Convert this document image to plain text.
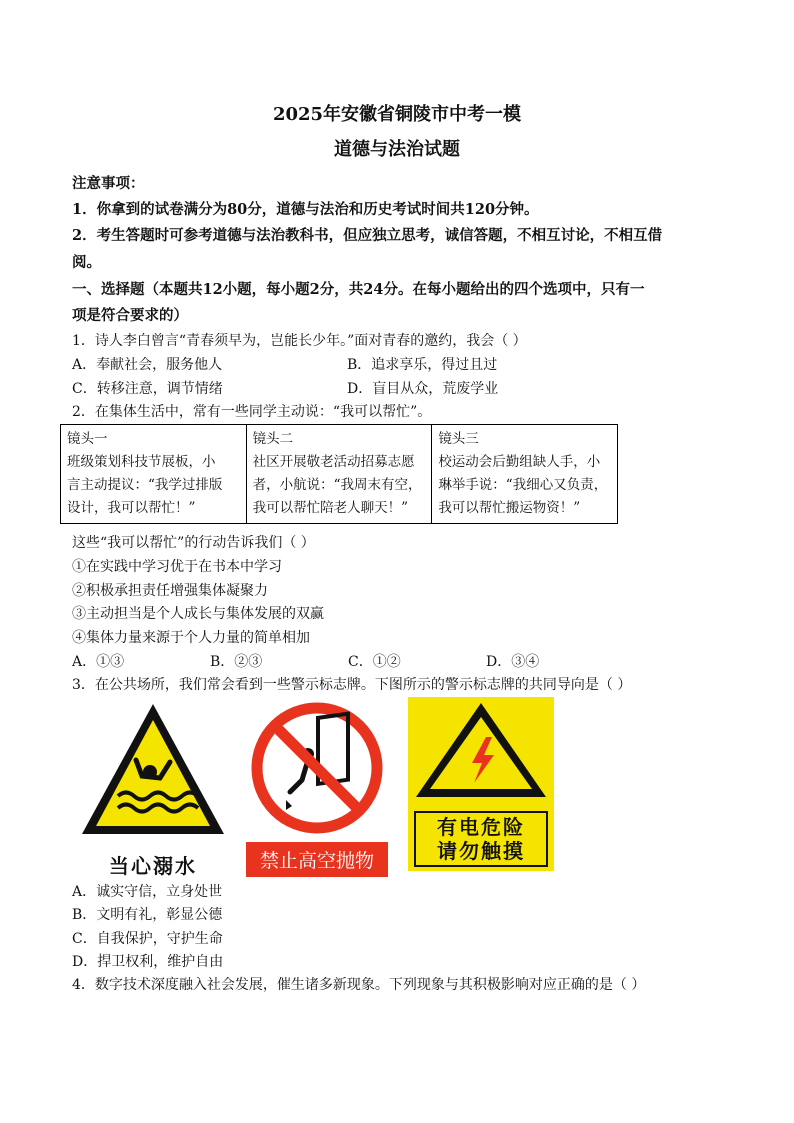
2025年安徽省铜陵市中考一模
道德与法治试题
注意事项：
1．你拿到的试卷满分为80分，道德与法治和历史考试时间共120分钟。
2．考生答题时可参考道德与法治教科书，但应独立思考，诚信答题，不相互讨论，不相互借
阅。
一、选择题（本题共12小题，每小题2分，共24分。在每小题给出的四个选项中，只有一
项是符合要求的）
1．诗人李白曾言“青春须早为，岂能长少年。”面对青春的邀约，我会（ ）
A．奉献社会，服务他人	B．追求享乐，得过且过
C．转移注意，调节情绪	D．盲目从众，荒废学业
2．在集体生活中，常有一些同学主动说：“我可以帮忙”。
镜头一
班级策划科技节展板，小
言主动提议：“我学过排版
设计，我可以帮忙！”

镜头二
社区开展敬老活动招募志愿
者，小航说：“我周末有空，
我可以帮忙陪老人聊天！”

镜头三
校运动会后勤组缺人手，小
琳举手说：“我细心又负责，
我可以帮忙搬运物资！”
这些“我可以帮忙”的行动告诉我们（ ）
①在实践中学习优于在书本中学习
②积极承担责任增强集体凝聚力
③主动担当是个人成长与集体发展的双赢
④集体力量来源于个人力量的简单相加
A．①③	B．②③	C．①②	D．③④
3．在公共场所，我们常会看到一些警示标志牌。下图所示的警示标志牌的共同导向是（ ）
当心溺水	禁止高空抛物
有电危险
请勿触摸
A．诚实守信，立身处世
B．文明有礼，彰显公德
C．自我保护，守护生命
D．捍卫权利，维护自由
4．数字技术深度融入社会发展，催生诸多新现象。下列现象与其积极影响对应正确的是（ ）
